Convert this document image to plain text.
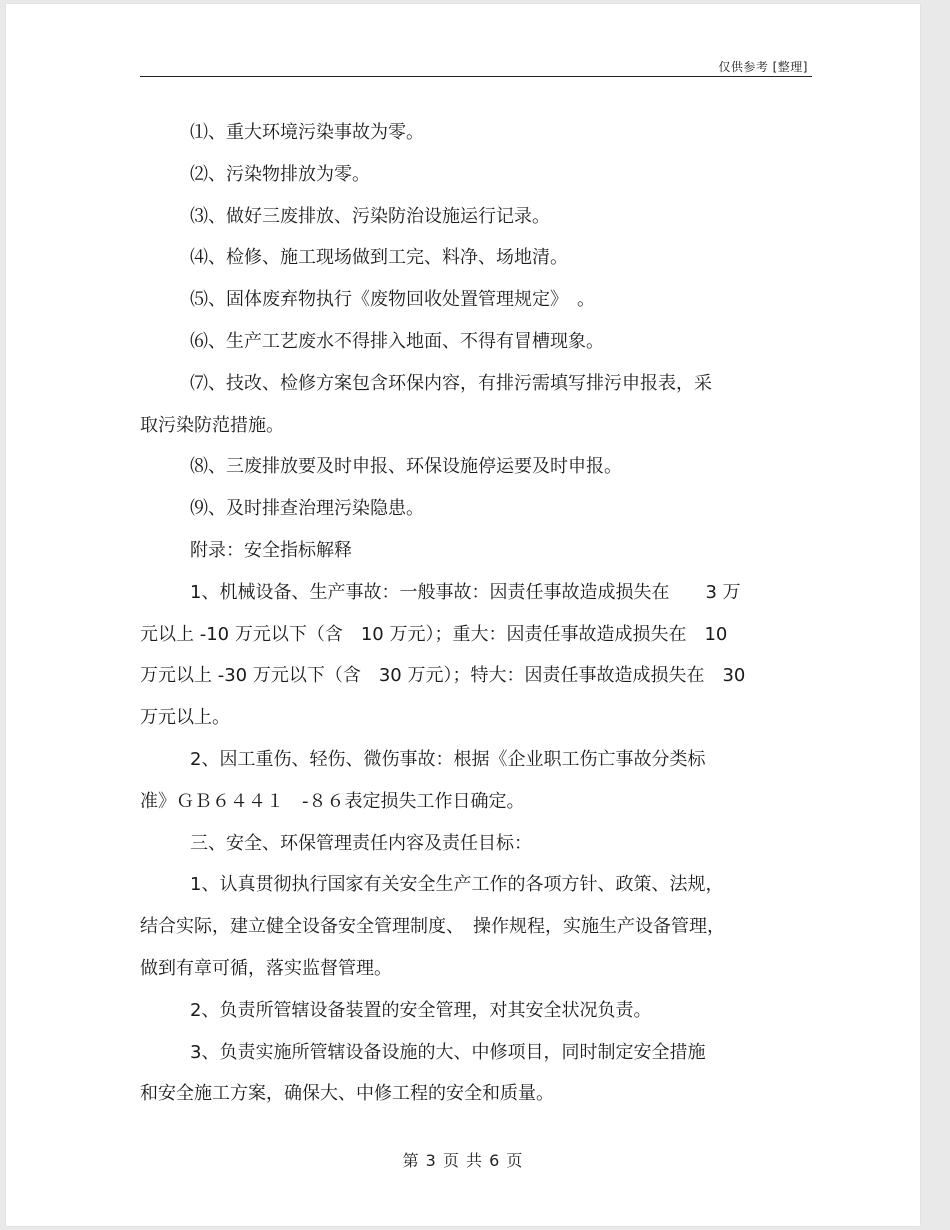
仅供参考 [整理]

⑴、重大环境污染事故为零。

⑵、污染物排放为零。

⑶、做好三废排放、污染防治设施运行记录。

⑷、检修、施工现场做到工完、料净、场地清。

⑸、固体废弃物执行《废物回收处置管理规定》　。

⑹、生产工艺废水不得排入地面、不得有冒槽现象。

⑺、技改、检修方案包含环保内容，有排污需填写排污申报表，采

取污染防范措施。

⑻、三废排放要及时申报、环保设施停运要及时申报。

⑼、及时排查治理污染隐患。

附录：安全指标解释

1、机械设备、生产事故：一般事故：因责任事故造成损失在　　3 万

元以上 -10 万元以下（含　10 万元）；重大：因责任事故造成损失在　10

万元以上 -30 万元以下（含　30 万元）；特大：因责任事故造成损失在　30

万元以上。

2、因工重伤、轻伤、微伤事故：根据《企业职工伤亡事故分类标

准》ＧＢ６４４１　-８６表定损失工作日确定。

三、安全、环保管理责任内容及责任目标：

1、认真贯彻执行国家有关安全生产工作的各项方针、政策、法规，

结合实际，建立健全设备安全管理制度、　操作规程，实施生产设备管理，

做到有章可循，落实监督管理。

2、负责所管辖设备装置的安全管理，对其安全状况负责。

3、负责实施所管辖设备设施的大、中修项目，同时制定安全措施

和安全施工方案，确保大、中修工程的安全和质量。

第 3 页 共 6 页
